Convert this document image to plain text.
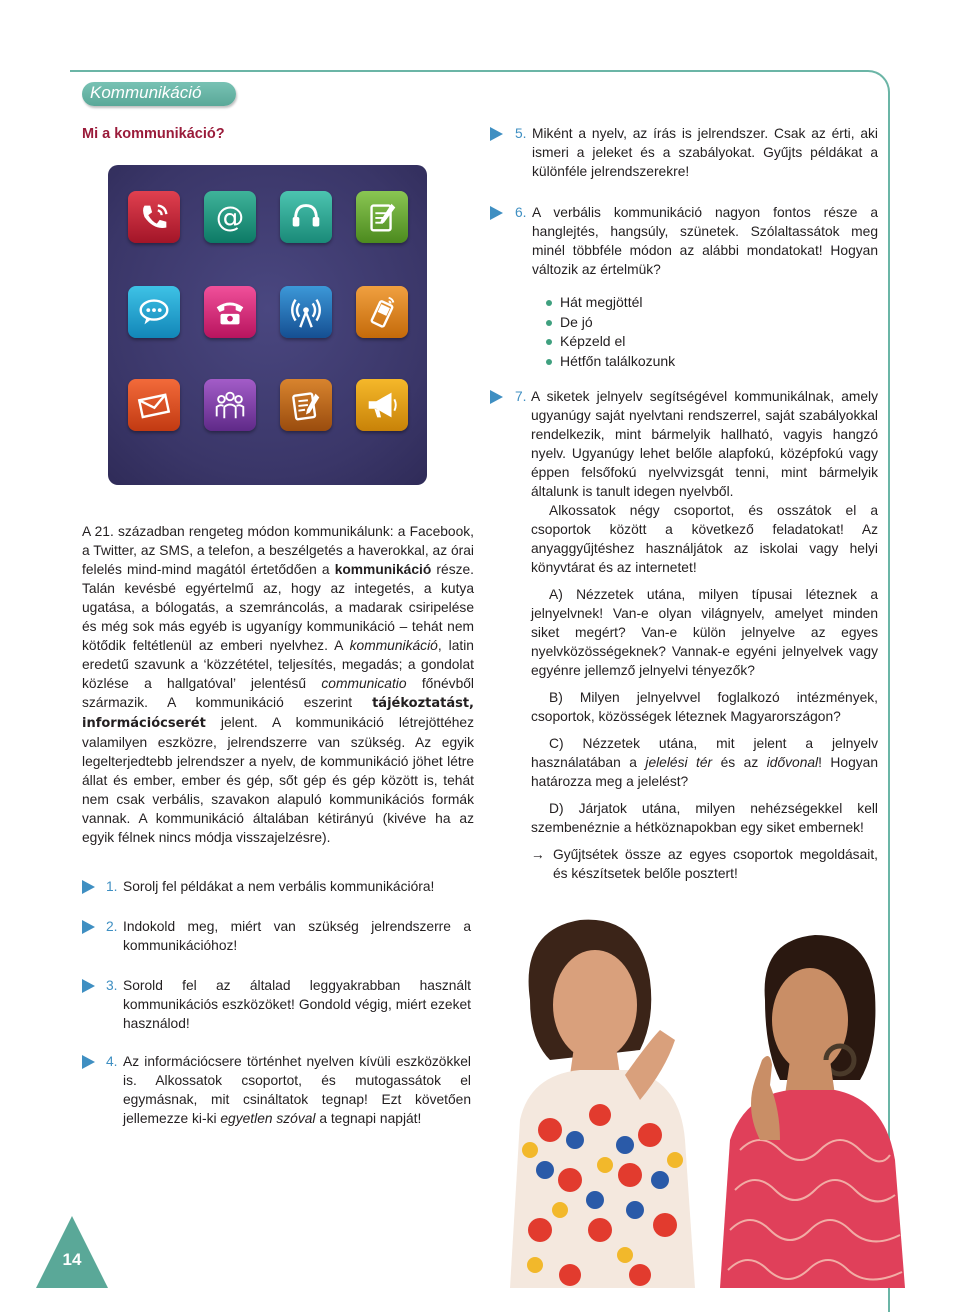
Kommunikáció
Mi a kommunikáció?
@

A 21. században rengeteg módon kommunikálunk: a Facebook, a Twitter, az SMS, a telefon, a beszélgetés a haverokkal, az órai felelés mind-mind magától értetődően a kommunikáció része. Talán kevésbé egyértelmű az, hogy az integetés, a kutya ugatása, a bólogatás, a szemráncolás, a madarak csiripelése és még sok más egyéb is ugyanígy kommunikáció – tehát nem kötődik feltétlenül az emberi nyelvhez. A kommunikáció, latin eredetű szavunk a ‘közzététel, teljesítés, megadás; a gondolat közlése a hallgatóval’ jelentésű communicatio főnévből származik. A kommunikáció eszerint tájékoztatást, információcserét jelent. A kommunikáció létrejöttéhez valamilyen eszközre, jelrendszerre van szükség. Az egyik legelterjedtebb jelrendszer a nyelv, de kommunikáció jöhet létre állat és ember, ember és gép, sőt gép és gép között is, tehát nem csak verbális, szavakon alapuló kommunikációs formák vannak. A kommunikáció általában kétirányú (kivéve ha az egyik félnek nincs módja visszajelzésre).

1. Sorolj fel példákat a nem verbális kommunikációra!
2. Indokold meg, miért van szükség jelrendszerre a kommunikációhoz!
3. Sorold fel az általad leggyakrabban használt kommunikációs eszközöket! Gondold végig, miért ezeket használod!
4. Az információcsere történhet nyelven kívüli eszközökkel is. Alkossatok csoportot, és mutogassátok el egymásnak, mit csináltatok tegnap! Ezt követően jellemezze ki-ki egyetlen szóval a tegnapi napját!
5. Miként a nyelv, az írás is jelrendszer. Csak az érti, aki ismeri a jeleket és a szabályokat. Gyűjts példákat a különféle jelrendszerekre!
6. A verbális kommunikáció nagyon fontos része a hanglejtés, hangsúly, szünetek. Szólaltassátok meg minél többféle módon az alábbi mondatokat! Hogyan változik az értelmük?
Hát megjöttél
De jó
Képzeld el
Hétfőn találkozunk
7. A siketek jelnyelv segítségével kommunikálnak, amely ugyanúgy saját nyelvtani rendszerrel, saját szabályokkal rendelkezik, mint bármelyik hallható, vagyis hangzó nyelv. Ugyanúgy lehet belőle alapfokú, középfokú vagy éppen felsőfokú nyelvvizsgát tenni, mint bármelyik általunk is tanult idegen nyelvből.

Alkossatok négy csoportot, és osszátok el a csoportok között a következő feladatokat! Az anyaggyűjtéshez használjátok az iskolai vagy helyi könyvtárat és az internetet!

A) Nézzetek utána, milyen típusai léteznek a jelnyelvnek! Van-e olyan világnyelv, amelyet minden siket megért? Van-e külön jelnyelve az egyes nyelvközösségeknek? Vannak-e egyéni jelnyelvek vagy egyénre jellemző jelnyelvi tényezők?

B) Milyen jelnyelvvel foglalkozó intézmények, csoportok, közösségek léteznek Magyarországon?

C) Nézzetek utána, mit jelent a jelnyelv használatában a jelelési tér és az idővonal! Hogyan határozza meg a jelelést?

D) Járjatok utána, milyen nehézségekkel kell szembenéznie a hétköznapokban egy siket embernek!

→ Gyűjtsétek össze az egyes csoportok megoldásait, és készítsetek belőle posztert!

14
